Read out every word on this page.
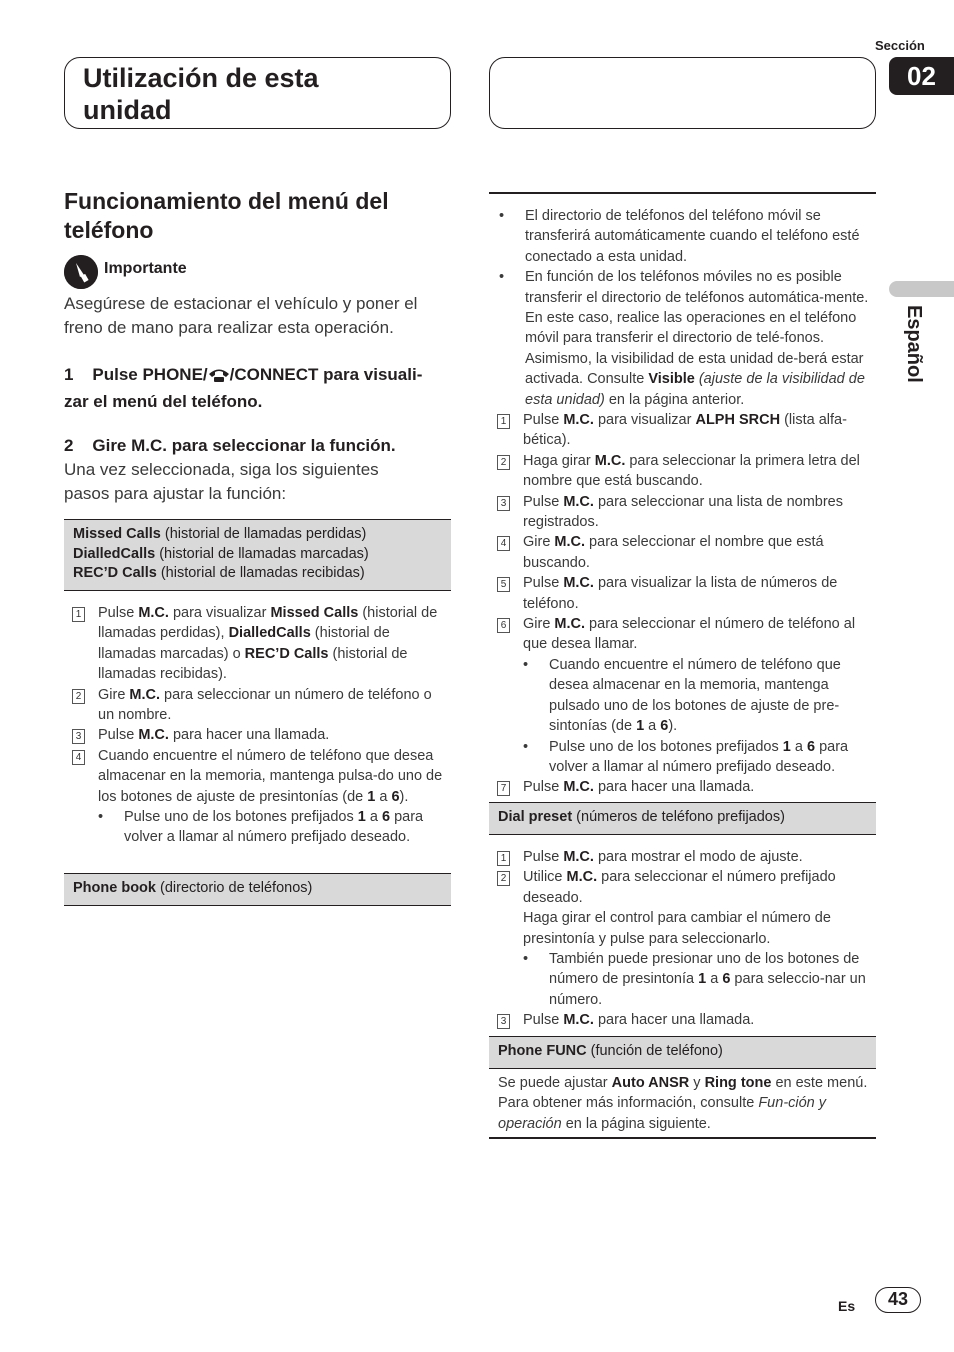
Utilización de esta
unidad
Sección
02
Español
Funcionamiento del menú del
teléfono
Importante
Asegúrese de estacionar el vehículo y poner el freno de mano para realizar esta operación.
1 Pulse PHONE/ /CONNECT para visuali-
zar el menú del teléfono.
2 Gire M.C. para seleccionar la función.
Una vez seleccionada, siga los siguientes pasos para ajustar la función:
Missed Calls (historial de llamadas perdidas)
DialledCalls (historial de llamadas marcadas)
REC’D Calls (historial de llamadas recibidas)
1 Pulse M.C. para visualizar Missed Calls (historial de llamadas perdidas), DialledCalls (historial de llamadas marcadas) o REC’D Calls (historial de llamadas recibidas).
2 Gire M.C. para seleccionar un número de teléfono o un nombre.
3 Pulse M.C. para hacer una llamada.
4 Cuando encuentre el número de teléfono que desea almacenar en la memoria, mantenga pulsa-do uno de los botones de ajuste de presintonías (de 1 a 6).
• Pulse uno de los botones prefijados 1 a 6 para volver a llamar al número prefijado deseado.
Phone book (directorio de teléfonos)
• El directorio de teléfonos del teléfono móvil se transferirá automáticamente cuando el teléfono esté conectado a esta unidad.
• En función de los teléfonos móviles no es posible transferir el directorio de teléfonos automática-mente. En este caso, realice las operaciones en el teléfono móvil para transferir el directorio de telé-fonos. Asimismo, la visibilidad de esta unidad de-berá estar activada. Consulte Visible (ajuste de la visibilidad de esta unidad) en la página anterior.
1 Pulse M.C. para visualizar ALPH SRCH (lista alfa-bética).
2 Haga girar M.C. para seleccionar la primera letra del nombre que está buscando.
3 Pulse M.C. para seleccionar una lista de nombres registrados.
4 Gire M.C. para seleccionar el nombre que está buscando.
5 Pulse M.C. para visualizar la lista de números de teléfono.
6 Gire M.C. para seleccionar el número de teléfono al que desea llamar.
• Cuando encuentre el número de teléfono que desea almacenar en la memoria, mantenga pulsado uno de los botones de ajuste de pre-sintonías (de 1 a 6).
• Pulse uno de los botones prefijados 1 a 6 para volver a llamar al número prefijado deseado.
7 Pulse M.C. para hacer una llamada.
Dial preset (números de teléfono prefijados)
1 Pulse M.C. para mostrar el modo de ajuste.
2 Utilice M.C. para seleccionar el número prefijado deseado.
Haga girar el control para cambiar el número de presintonía y pulse para seleccionarlo.
• También puede presionar uno de los botones de número de presintonía 1 a 6 para seleccio-nar un número.
3 Pulse M.C. para hacer una llamada.
Phone FUNC (función de teléfono)
Se puede ajustar Auto ANSR y Ring tone en este menú. Para obtener más información, consulte Fun-ción y operación en la página siguiente.
Es	43
